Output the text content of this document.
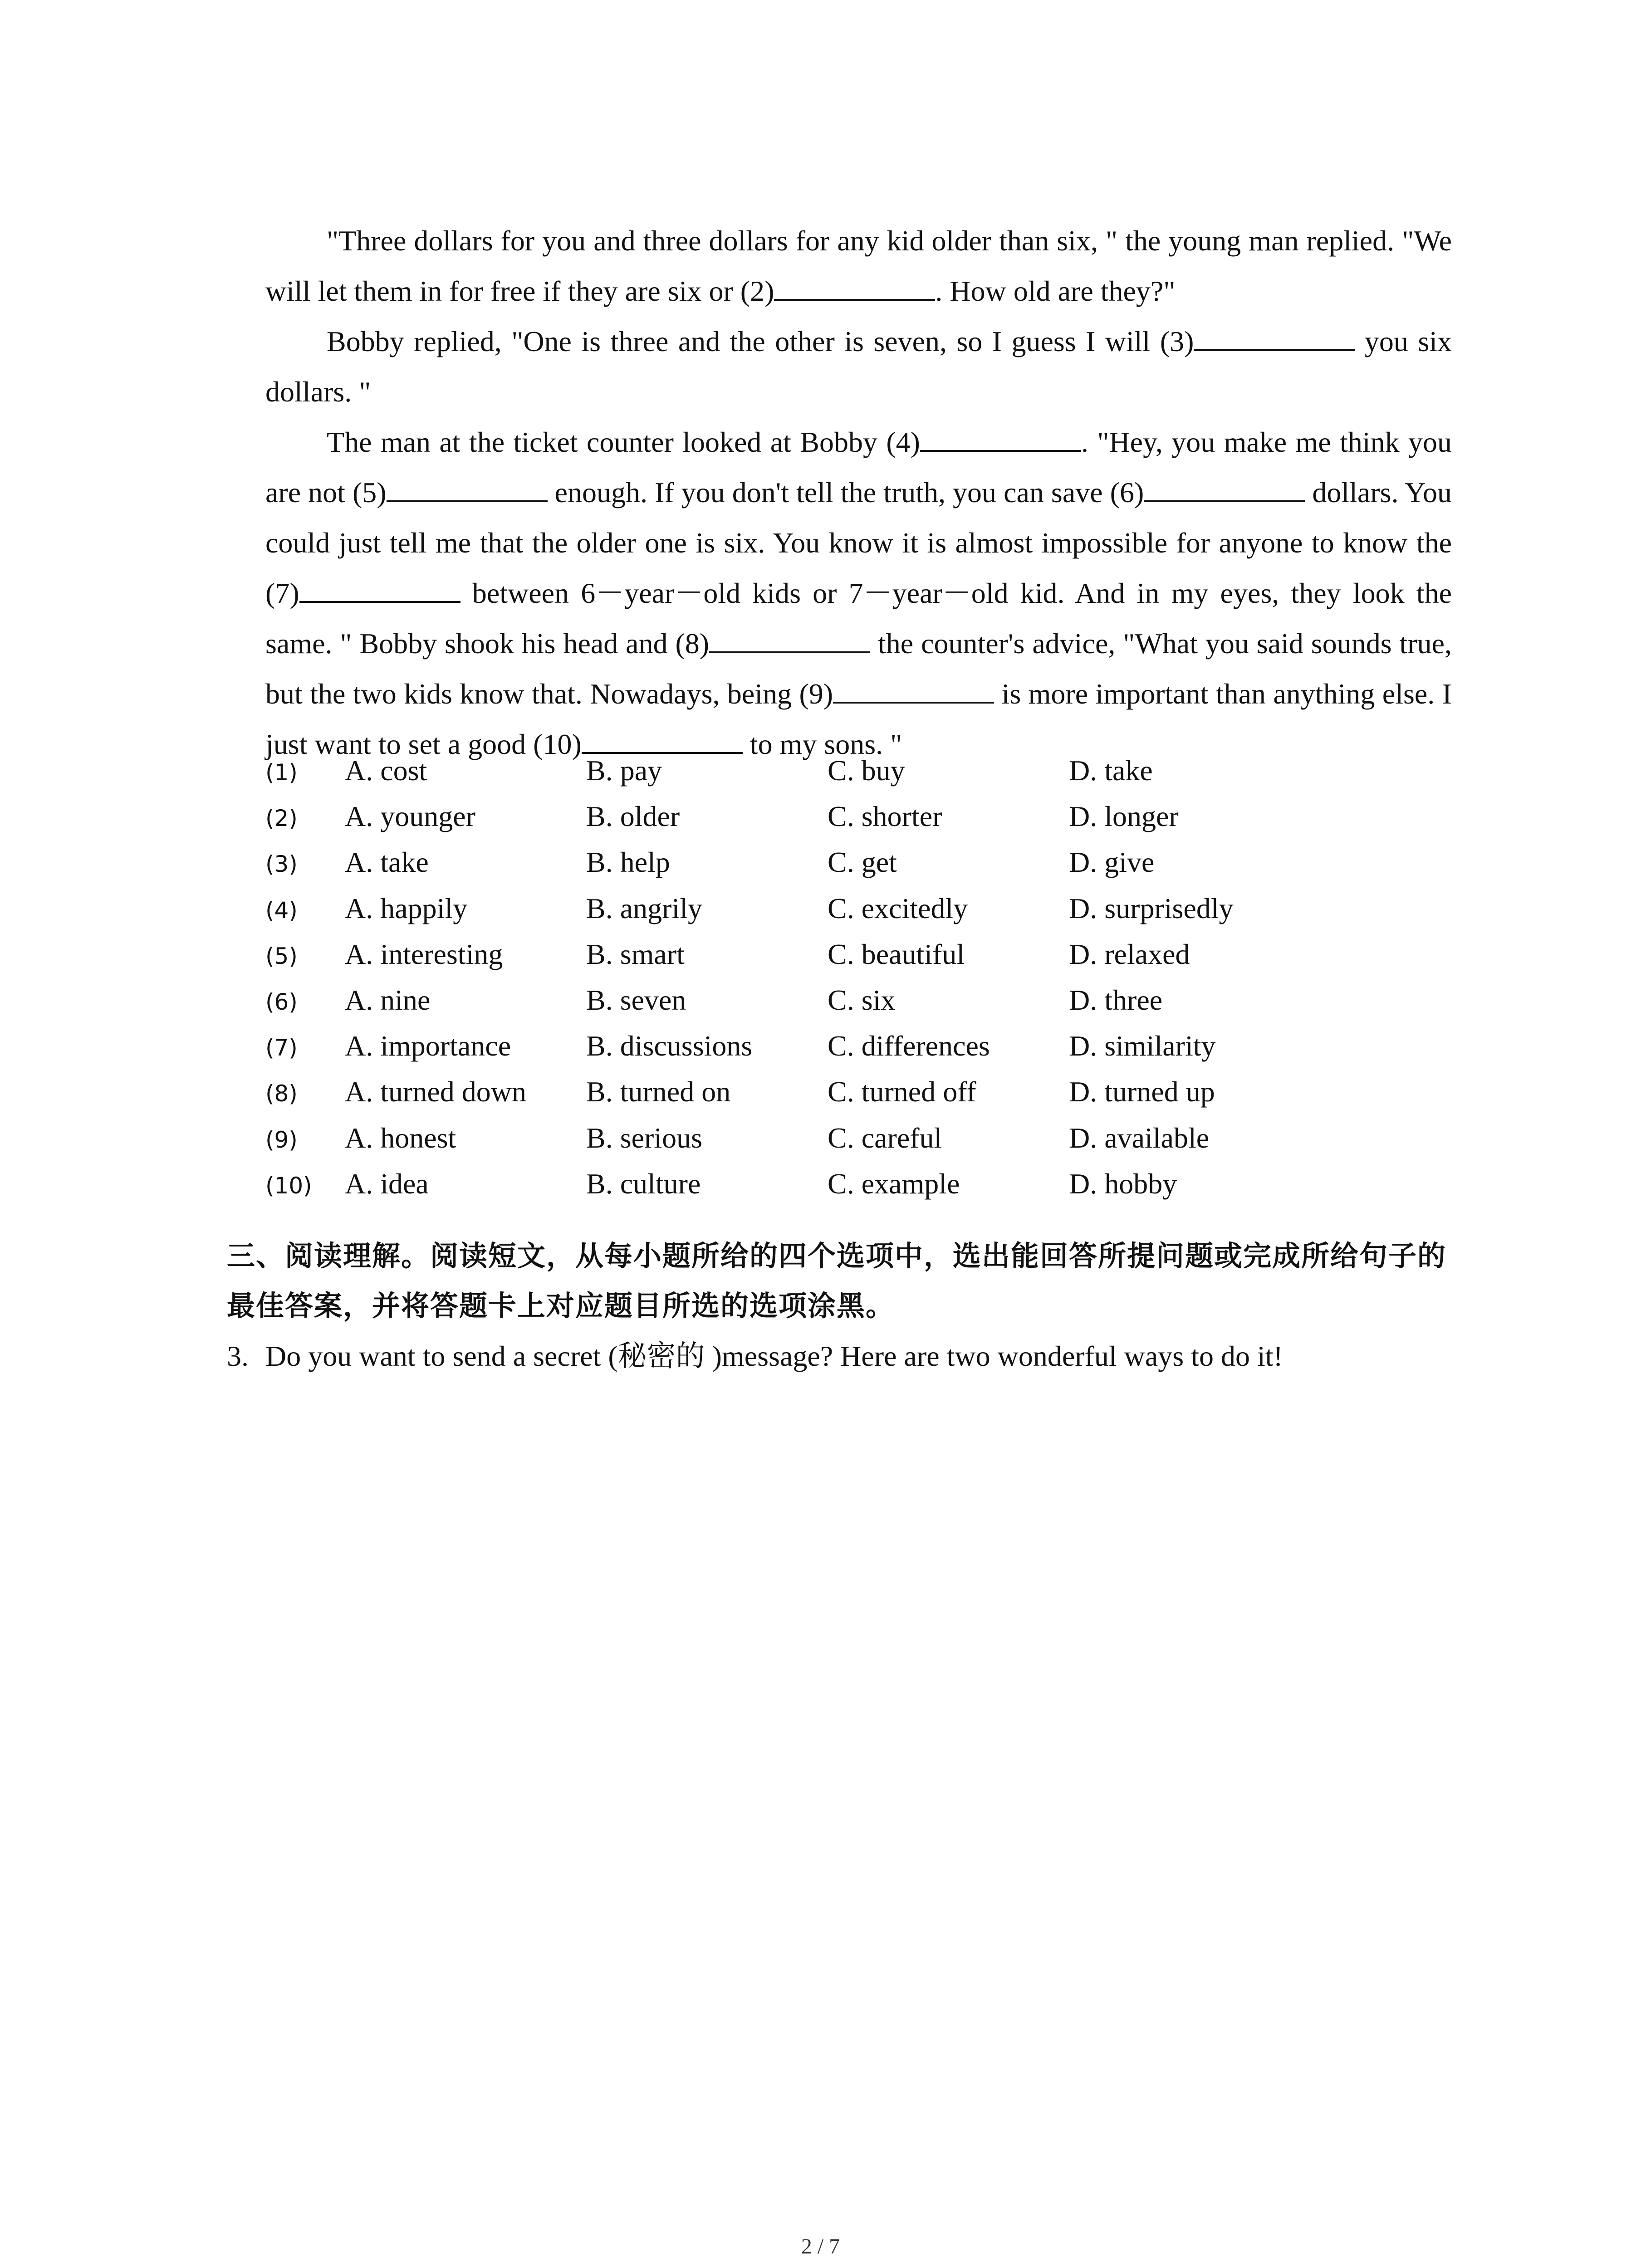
"Three dollars for you and three dollars for any kid older than six, " the young man replied. "We will let them in for free if they are six or (2)	. How old are they?"

Bobby replied, "One is three and the other is seven, so I guess I will (3)	you six dollars. "

The man at the ticket counter looked at Bobby (4)	. "Hey, you make me think you are not (5)	enough. If you don't tell the truth, you can save (6)	dollars. You could just tell me that the older one is six. You know it is almost impossible for anyone to know the (7)	between 6－year－old kids or 7－year－old kid. And in my eyes, they look the same. " Bobby shook his head and (8)	the counter's advice, "What you said sounds true, but the two kids know that. Nowadays, being (9)	is more important than anything else. I just want to set a good (10)	to my sons. "

(1)	A. cost	B. pay	C. buy	D. take
(2)	A. younger	B. older	C. shorter	D. longer
(3)	A. take	B. help	C. get	D. give
(4)	A. happily	B. angrily	C. excitedly	D. surprisedly
(5)	A. interesting	B. smart	C. beautiful	D. relaxed
(6)	A. nine	B. seven	C. six	D. three
(7)	A. importance	B. discussions	C. differences	D. similarity
(8)	A. turned down	B. turned on	C. turned off	D. turned up
(9)	A. honest	B. serious	C. careful	D. available
(10)	A. idea	B. culture	C. example	D. hobby
三、阅读理解。阅读短文，从每小题所给的四个选项中，选出能回答所提问题或完成所给句子的最佳答案，并将答题卡上对应题目所选的选项涂黑。
3. Do you want to send a secret (秘密的 )message? Here are two wonderful ways to do it!
2 / 7
